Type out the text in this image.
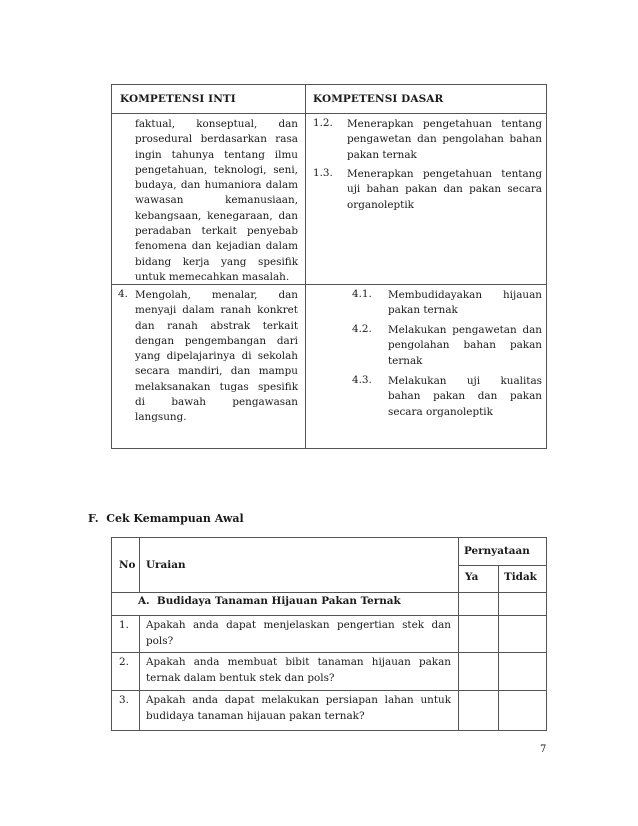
KOMPETENSI INTI	KOMPETENSI DASAR

faktual, konseptual, dan prosedural berdasarkan rasa ingin tahunya tentang ilmu pengetahuan, teknologi, seni, budaya, dan humaniora dalam wawasan kemanusiaan, kebangsaan, kenegaraan, dan peradaban terkait penyebab fenomena dan kejadian dalam bidang kerja yang spesifik untuk memecahkan masalah.

1.2. Menerapkan pengetahuan tentang pengawetan dan pengolahan bahan pakan ternak
1.3. Menerapkan pengetahuan tentang uji bahan pakan dan pakan secara organoleptik
4. Mengolah, menalar, dan menyaji dalam ranah konkret dan ranah abstrak terkait dengan pengembangan dari yang dipelajarinya di sekolah secara mandiri, dan mampu melaksanakan tugas spesifik di bawah pengawasan langsung.
4.1. Membudidayakan hijauan pakan ternak
4.2. Melakukan pengawetan dan pengolahan bahan pakan ternak
4.3. Melakukan uji kualitas bahan pakan dan pakan secara organoleptik
F.  Cek Kemampuan Awal
No Uraian
Pernyataan
Ya Tidak
A.  Budidaya Tanaman Hijauan Pakan Ternak
1. Apakah anda dapat menjelaskan pengertian stek dan pols?
2. Apakah anda membuat bibit tanaman hijauan pakan ternak dalam bentuk stek dan pols?
3. Apakah anda dapat melakukan persiapan lahan untuk budidaya tanaman hijauan pakan ternak?
7
